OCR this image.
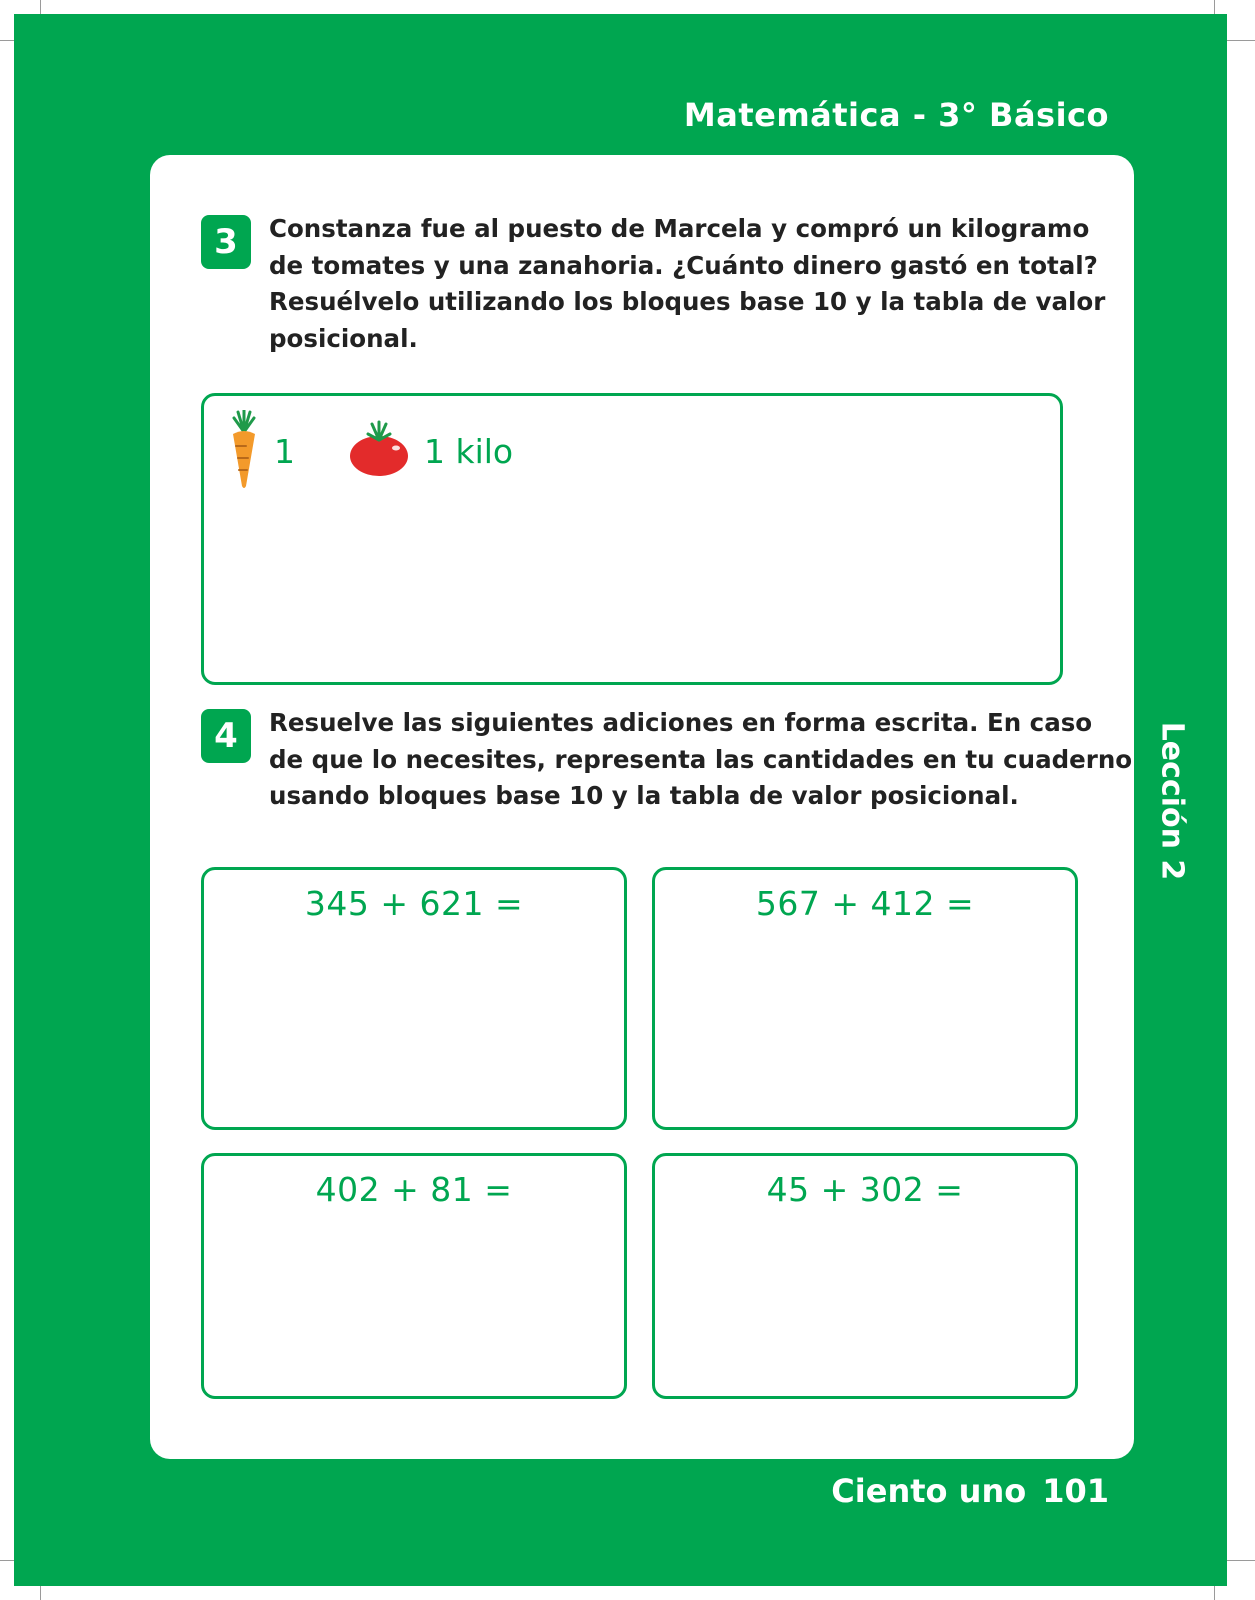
Matemática - 3° Básico
3	Constanza fue al puesto de Marcela y compró un kilogramo
de tomates y una zanahoria. ¿Cuánto dinero gastó en total?
Resuélvelo utilizando los bloques base 10 y la tabla de valor
posicional.

1	1 kilo
4	Resuelve las siguientes adiciones en forma escrita. En caso
de que lo necesites, representa las cantidades en tu cuaderno
usando bloques base 10 y la tabla de valor posicional.

345 + 621 =	567 + 412 =
402 + 81 =	45 + 302 =
Lección 2
Ciento uno 101
